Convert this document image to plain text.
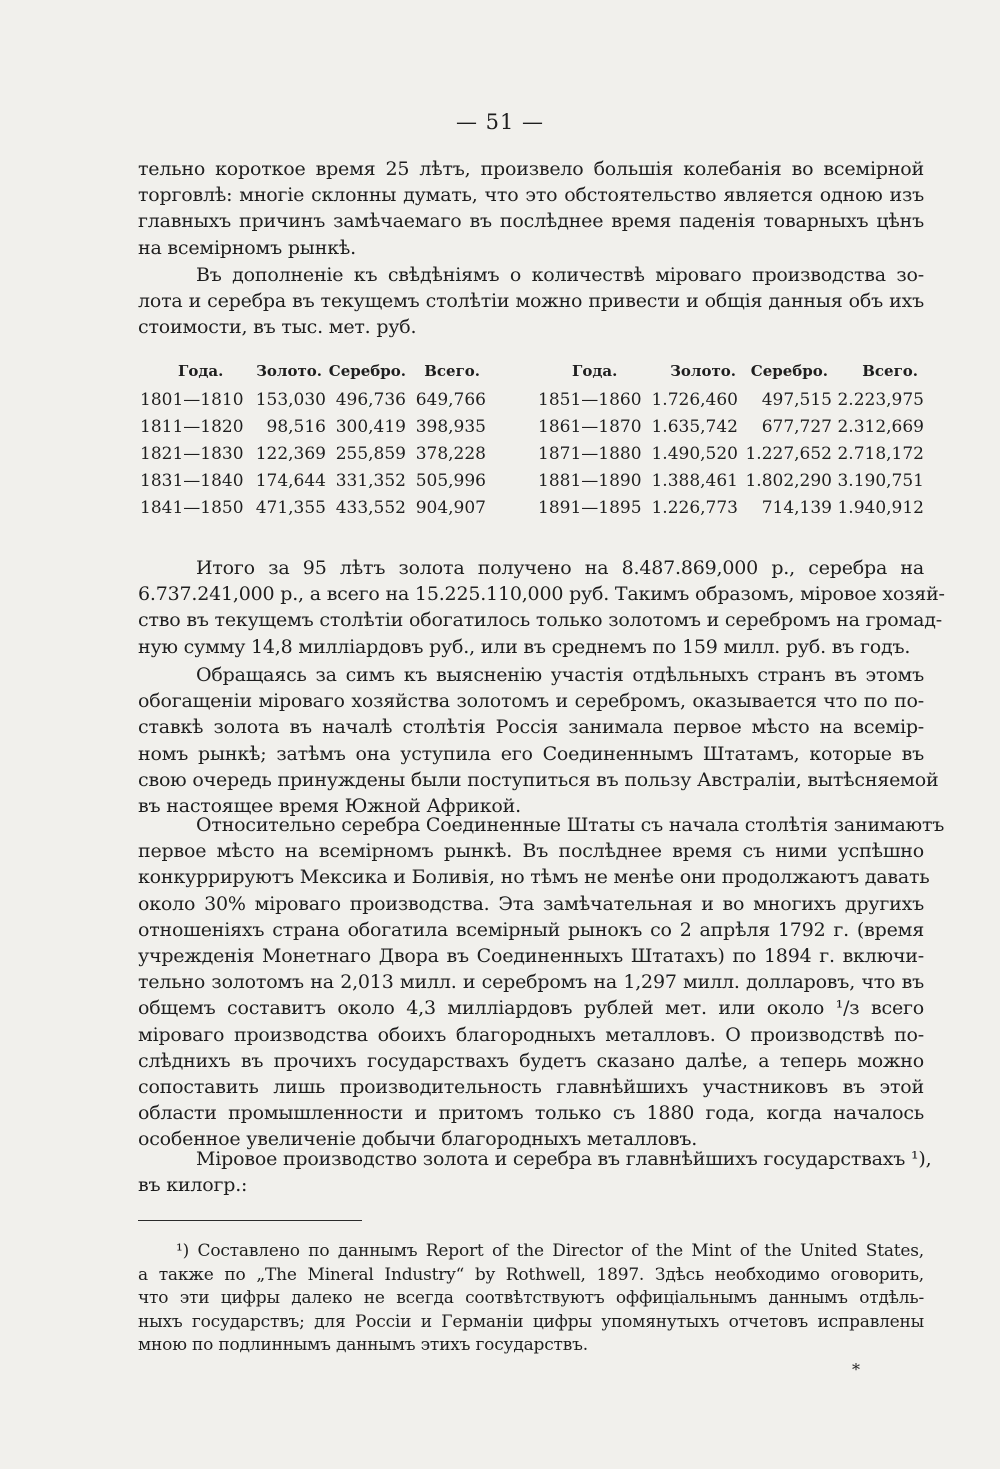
— 51 —
тельно короткое время 25 лѣтъ, произвело большія колебанія во всемірной
торговлѣ: многіе склонны думать, что это обстоятельство является одною изъ
главныхъ причинъ замѣчаемаго въ послѣднее время паденія товарныхъ цѣнъ
на всемірномъ рынкѣ.
Въ дополненіе къ свѣдѣніямъ о количествѣ міроваго производства зо-
лота и серебра въ текущемъ столѣтіи можно привести и общія данныя объ ихъ
стоимости, въ тыс. мет. руб.
Года.	Золото. Серебро.	Всего.	Года.	Золото. Серебро.	Всего.
1801—1810 153,030 496,736 649,766	1851—1860 1.726,460	497,515 2.223,975
1811—1820	98,516 300,419 398,935	1861—1870 1.635,742	677,727 2.312,669
1821—1830 122,369 255,859 378,228	1871—1880 1.490,520 1.227,652 2.718,172
1831—1840 174,644 331,352 505,996	1881—1890 1.388,461 1.802,290 3.190,751
1841—1850 471,355 433,552 904,907	1891—1895 1.226,773	714,139 1.940,912
Итого за 95 лѣтъ золота получено на 8.487.869,000 р., серебра на
6.737.241,000 р., а всего на 15.225.110,000 руб. Такимъ образомъ, міровое хозяй-
ство въ текущемъ столѣтіи обогатилось только золотомъ и серебромъ на громад-
ную сумму 14,8 милліардовъ руб., или въ среднемъ по 159 милл. руб. въ годъ.
Обращаясь за симъ къ выясненію участія отдѣльныхъ странъ въ этомъ
обогащеніи міроваго хозяйства золотомъ и серебромъ, оказывается что по по-
ставкѣ золота въ началѣ столѣтія Россія занимала первое мѣсто на всемір-
номъ рынкѣ; затѣмъ она уступила его Соединеннымъ Штатамъ, которые въ
свою очередь принуждены были поступиться въ пользу Австраліи, вытѣсняемой
въ настоящее время Южной Африкой.
Относительно серебра Соединенные Штаты съ начала столѣтія занимаютъ
первое мѣсто на всемірномъ рынкѣ. Въ послѣднее время съ ними успѣшно
конкуррируютъ Мексика и Боливія, но тѣмъ не менѣе они продолжаютъ давать
около 30% міроваго производства. Эта замѣчательная и во многихъ другихъ
отношеніяхъ страна обогатила всемірный рынокъ со 2 апрѣля 1792 г. (время
учрежденія Монетнаго Двора въ Соединенныхъ Штатахъ) по 1894 г. включи-
тельно золотомъ на 2,013 милл. и серебромъ на 1,297 милл. долларовъ, что въ
общемъ составитъ около 4,3 милліардовъ рублей мет. или около ¹/з всего
міроваго производства обоихъ благородныхъ металловъ. О производствѣ по-
слѣднихъ въ прочихъ государствахъ будетъ сказано далѣе, а теперь можно
сопоставить лишь производительность главнѣйшихъ участниковъ въ этой
области промышленности и притомъ только съ 1880 года, когда началось
особенное увеличеніе добычи благородныхъ металловъ.
Міровое производство золота и серебра въ главнѣйшихъ государствахъ ¹),
въ килогр.:
¹) Составлено по даннымъ Report of the Director of the Mint of the United States,
а также по „The Mineral Industry“ by Rothwell, 1897. Здѣсь необходимо оговорить,
что эти цифры далеко не всегда соотвѣтствуютъ оффиціальнымъ даннымъ отдѣль-
ныхъ государствъ; для Россіи и Германіи цифры упомянутыхъ отчетовъ исправлены
мною по подлиннымъ даннымъ этихъ государствъ.
*
